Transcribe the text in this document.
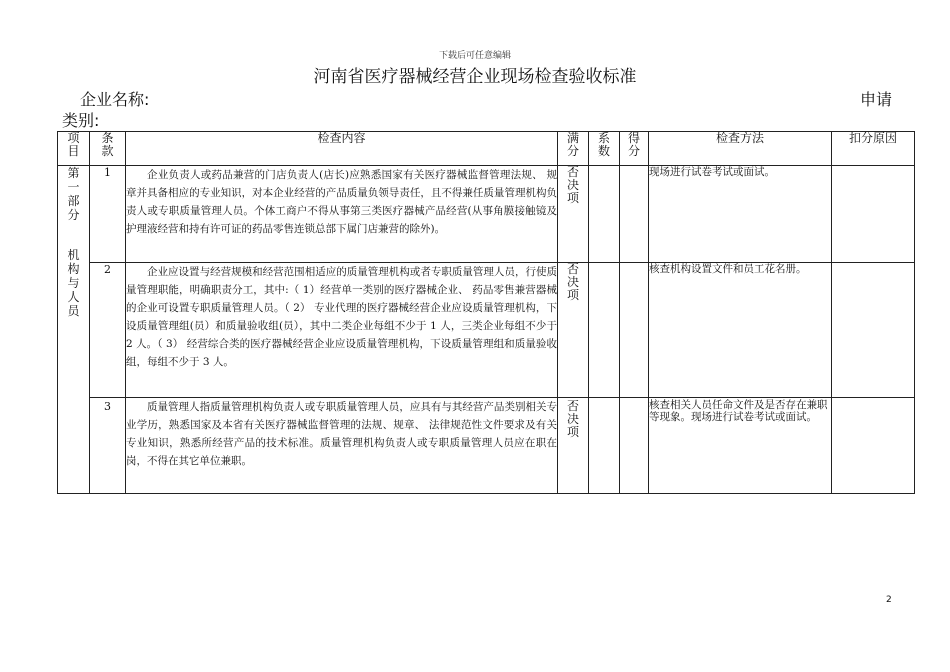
下载后可任意编辑
河南省医疗器械经营企业现场检查验收标准
企业名称:	申请
类别:
项目	条款	检查内容	满分	系数	得分	检查方法	扣分原因

第一部分
机构与人员	1	企业负责人或药品兼营的门店负责人(店长)应熟悉国家有关医疗器械监督管理法规、 规章并具备相应的专业知识，对本企业经营的产品质量负领导责任，且不得兼任质量管理机构负责人或专职质量管理人员。个体工商户不得从事第三类医疗器械产品经营(从事角膜接触镜及护理液经营和持有许可证的药品零售连锁总部下属门店兼营的除外)。	否决项			现场进行试卷考试或面试。	
	2	企业应设置与经营规模和经营范围相适应的质量管理机构或者专职质量管理人员，行使质量管理职能，明确职责分工，其中:（ 1）经营单一类别的医疗器械企业、 药品零售兼营器械的企业可设置专职质量管理人员。（ 2） 专业代理的医疗器械经营企业应设质量管理机构，下设质量管理组(员）和质量验收组(员），其中二类企业每组不少于 1 人，三类企业每组不少于 2 人。（ 3） 经营综合类的医疗器械经营企业应设质量管理机构，下设质量管理组和质量验收组，每组不少于 3 人。	否决项			核查机构设置文件和员工花名册。	
	3	质量管理人指质量管理机构负责人或专职质量管理人员，应具有与其经营产品类别相关专业学历，熟悉国家及本省有关医疗器械监督管理的法规、规章、 法律规范性文件要求及有关专业知识，熟悉所经营产品的技术标准。质量管理机构负责人或专职质量管理人员应在职在岗，不得在其它单位兼职。	否决项			核查相关人员任命文件及是否存在兼职等现象。现场进行试卷考试或面试。	
2
